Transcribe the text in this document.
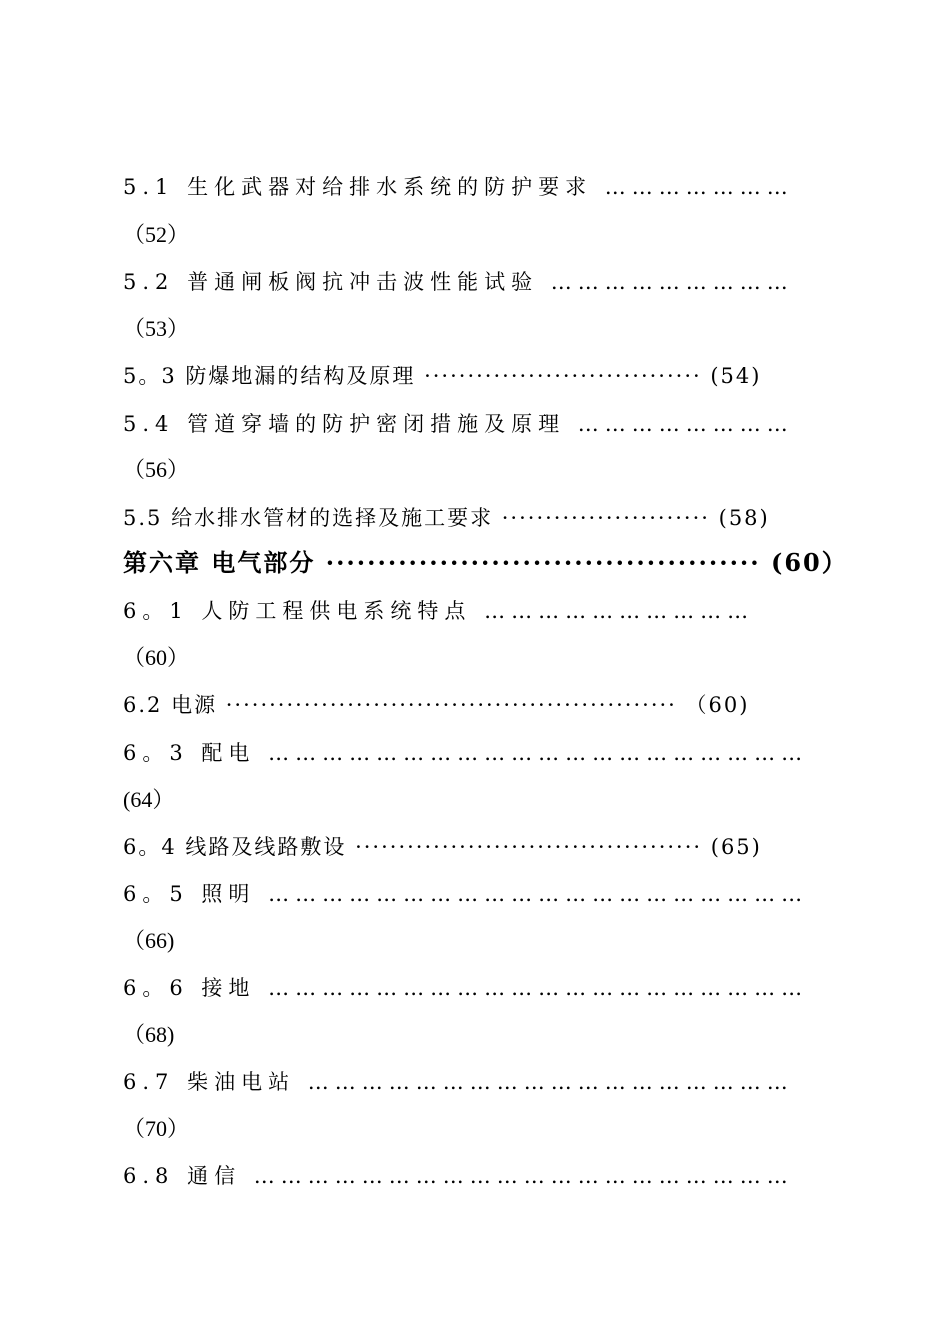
5.1 生化武器对给排水系统的防护要求 …………………
（52）
5.2 普通闸板阀抗冲击波性能试验 ………………………
（53）
5。3 防爆地漏的结构及原理 ································ (54)
5.4 管道穿墙的防护密闭措施及原理 ……………………
（56）
5.5 给水排水管材的选择及施工要求 ························ (58)
第六章 电气部分 ·········································· (60）
6。1 人防工程供电系统特点 …………………………
（60）
6.2 电源 ···················································· （60)
6。3 配电 ……………………………………………………
(64）
6。4 线路及线路敷设 ········································ (65)
6。5 照明 ……………………………………………………
（66)
6。6 接地 ……………………………………………………
（68)
6.7 柴油电站 ………………………………………………
（70）
6.8 通信 ……………………………………………………
